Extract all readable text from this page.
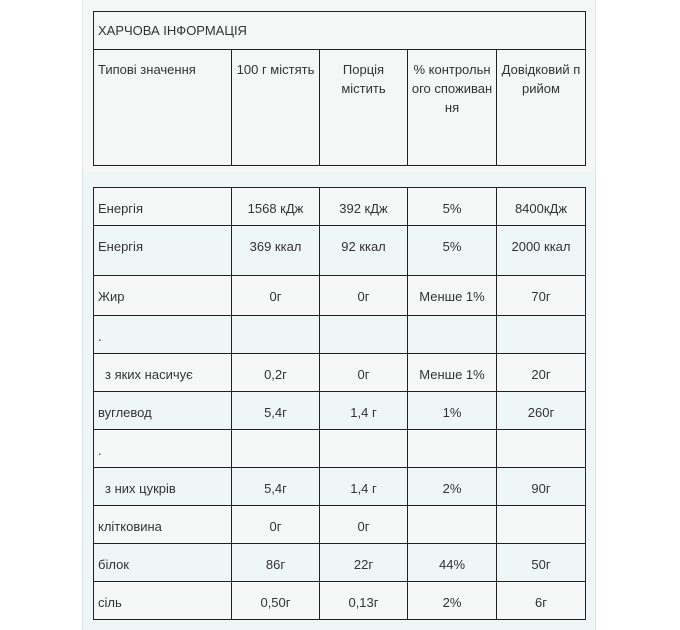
ХАРЧОВА ІНФОРМАЦІЯ
Типові значення	100 г містять	Порція містить	% контрольного споживання	Довідковий прийом
Енергія	1568 кДж	392 кДж	5%	8400кДж
Енергія	369 ккал	92 ккал	5%	2000 ккал
Жир	0г	0г	Менше 1%	70г
.				
з яких насичує	0,2г	0г	Менше 1%	20г
вуглевод	5,4г	1,4 г	1%	260г
.				
з них цукрів	5,4г	1,4 г	2%	90г
клітковина	0г	0г		
білок	86г	22г	44%	50г
сіль	0,50г	0,13г	2%	6г
